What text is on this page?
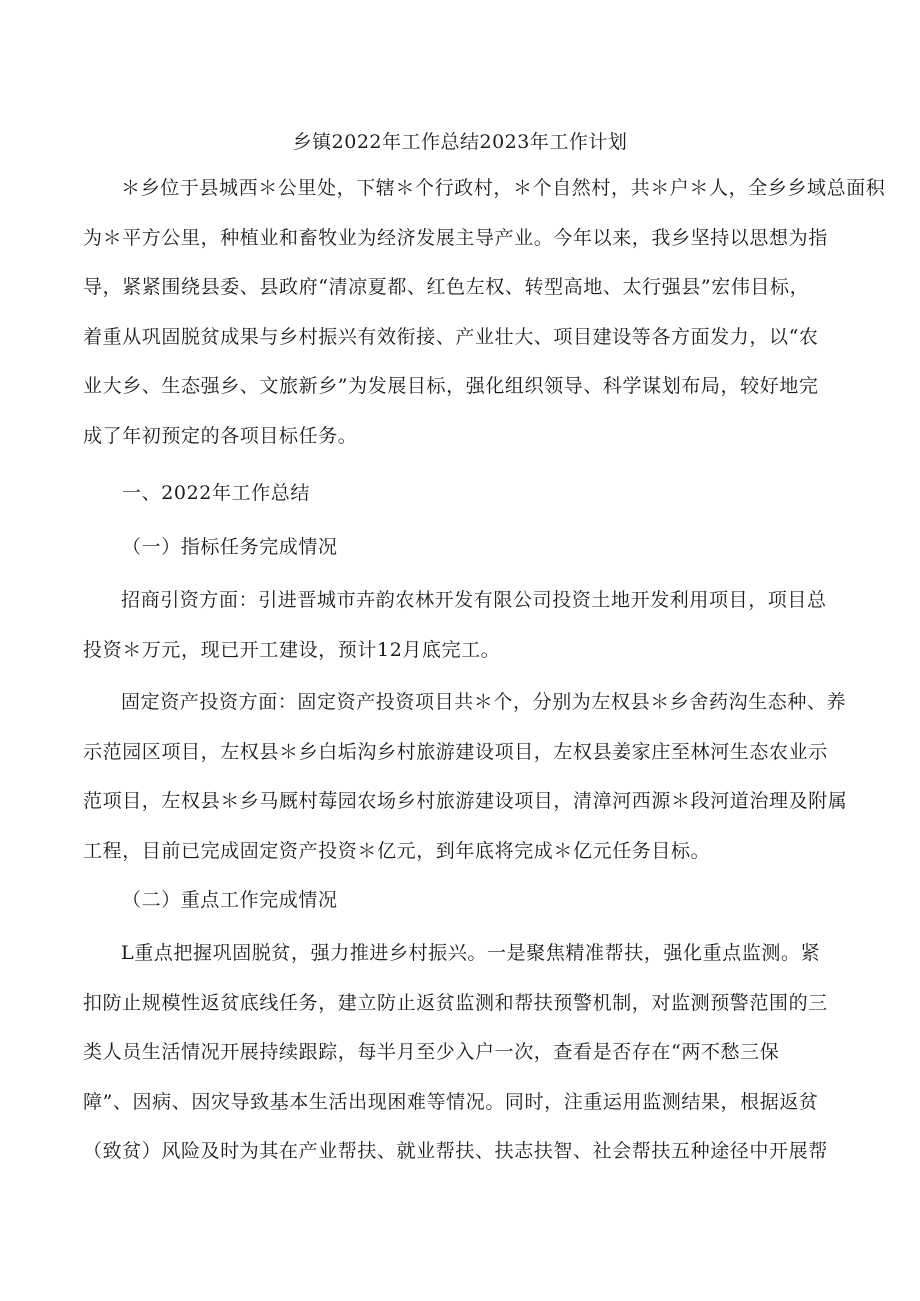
乡镇2022年工作总结2023年工作计划
＊乡位于县城西＊公里处，下辖＊个行政村，＊个自然村，共＊户＊人，全乡乡域总面积
为＊平方公里，种植业和畜牧业为经济发展主导产业。今年以来，我乡坚持以思想为指
导，紧紧围绕县委、县政府“清凉夏都、红色左权、转型高地、太行强县”宏伟目标，
着重从巩固脱贫成果与乡村振兴有效衔接、产业壮大、项目建设等各方面发力，以“农
业大乡、生态强乡、文旅新乡”为发展目标，强化组织领导、科学谋划布局，较好地完
成了年初预定的各项目标任务。
一、2022年工作总结
（一）指标任务完成情况
招商引资方面：引进晋城市卉韵农林开发有限公司投资土地开发利用项目，项目总
投资＊万元，现已开工建设，预计12月底完工。
固定资产投资方面：固定资产投资项目共＊个，分别为左权县＊乡舍药沟生态种、养
示范园区项目，左权县＊乡白垢沟乡村旅游建设项目，左权县姜家庄至林河生态农业示
范项目，左权县＊乡马厩村莓园农场乡村旅游建设项目，清漳河西源＊段河道治理及附属
工程，目前已完成固定资产投资＊亿元，到年底将完成＊亿元任务目标。
（二）重点工作完成情况
L重点把握巩固脱贫，强力推进乡村振兴。一是聚焦精准帮扶，强化重点监测。紧
扣防止规模性返贫底线任务，建立防止返贫监测和帮扶预警机制，对监测预警范围的三
类人员生活情况开展持续跟踪，每半月至少入户一次，查看是否存在“两不愁三保
障”、因病、因灾导致基本生活出现困难等情况。同时，注重运用监测结果，根据返贫
（致贫）风险及时为其在产业帮扶、就业帮扶、扶志扶智、社会帮扶五种途径中开展帮
